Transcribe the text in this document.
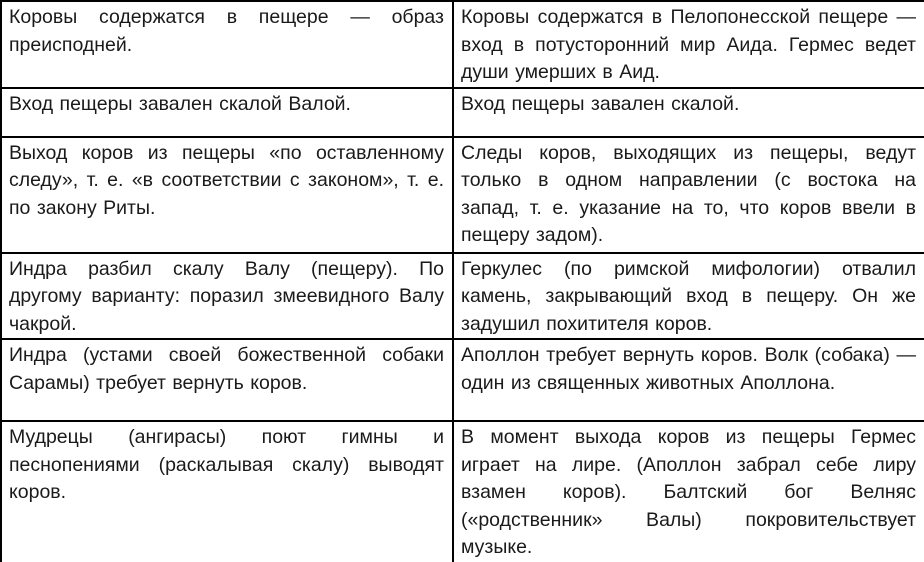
Коровы содержатся в пещере — образ преисподней.	Коровы содержатся в Пелопонесской пещере — вход в потусторонний мир Аида. Гермес ведет души умерших в Аид.
Вход пещеры завален скалой Валой.	Вход пещеры завален скалой.
Выход коров из пещеры «по оставленному следу», т. е. «в соответствии с законом», т. е. по закону Риты.	Следы коров, выходящих из пещеры, ведут только в одном направлении (с востока на запад, т. е. указание на то, что коров ввели в пещеру задом).
Индра разбил скалу Валу (пещеру). По другому варианту: поразил змеевидного Валу чакрой.	Геркулес (по римской мифологии) отвалил камень, закрывающий вход в пещеру. Он же задушил похитителя коров.
Индра (устами своей божественной собаки Сарамы) требует вернуть коров.	Аполлон требует вернуть коров. Волк (собака) — один из священных животных Аполлона.
Мудрецы (ангирасы) поют гимны и песнопениями (раскалывая скалу) выводят коров.	В момент выхода коров из пещеры Гермес играет на лире. (Аполлон забрал себе лиру взамен коров). Балтский бог Велняс («родственник» Валы) покровительствует музыке.
